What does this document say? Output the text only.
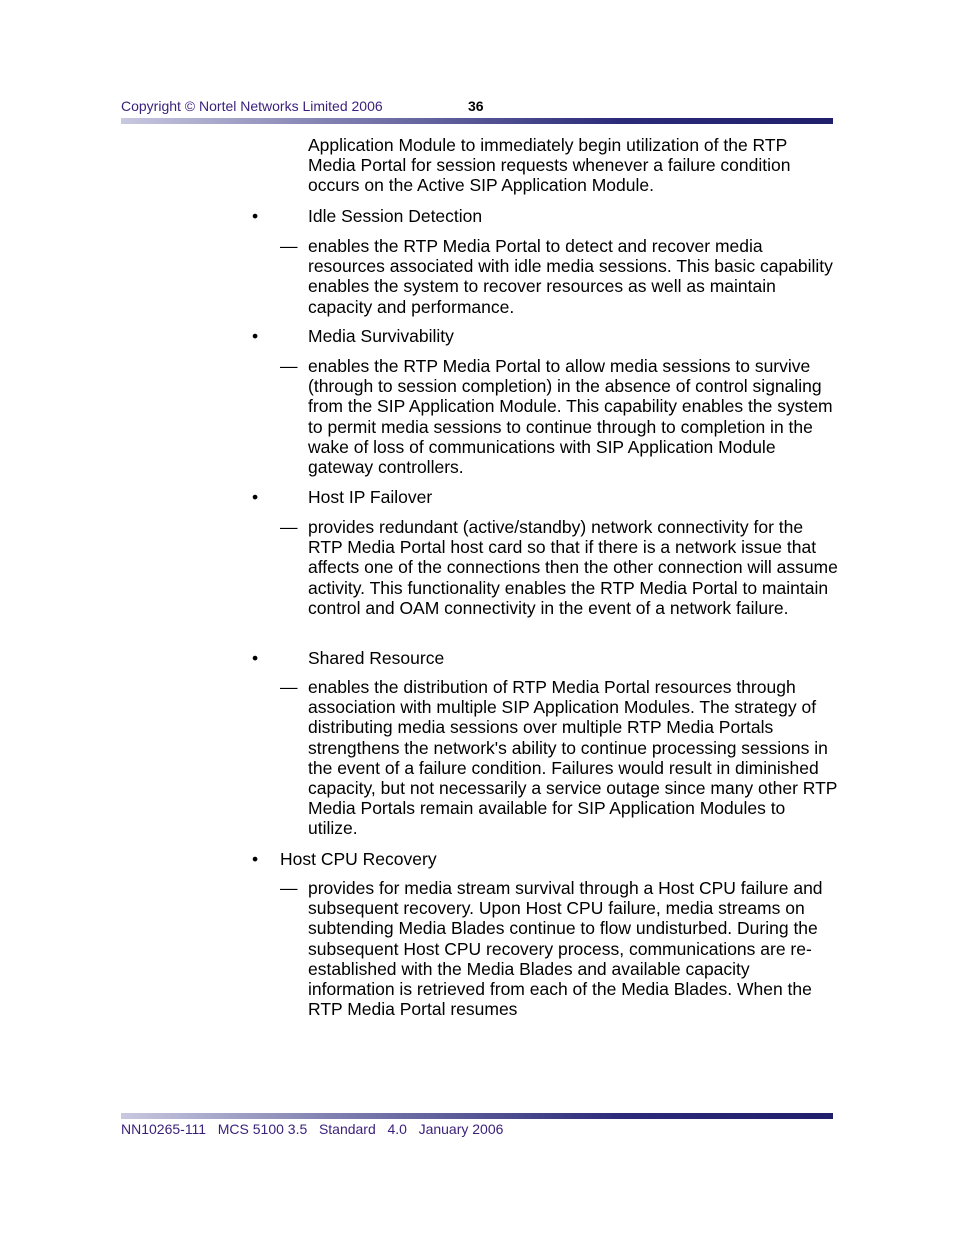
Copyright © Nortel Networks Limited 2006	36
Application Module to immediately begin utilization of the RTP Media Portal for session requests whenever a failure condition occurs on the Active SIP Application Module.
•	Idle Session Detection
— enables the RTP Media Portal to detect and recover media resources associated with idle media sessions. This basic capability enables the system to recover resources as well as maintain capacity and performance.
•	Media Survivability
— enables the RTP Media Portal to allow media sessions to survive (through to session completion) in the absence of control signaling from the SIP Application Module. This capability enables the system to permit media sessions to continue through to completion in the wake of loss of communications with SIP Application Module gateway controllers.
•	Host IP Failover
— provides redundant (active/standby) network connectivity for the RTP Media Portal host card so that if there is a network issue that affects one of the connections then the other connection will assume activity. This functionality enables the RTP Media Portal to maintain control and OAM connectivity in the event of a network failure.
•	Shared Resource
— enables the distribution of RTP Media Portal resources through association with multiple SIP Application Modules. The strategy of distributing media sessions over multiple RTP Media Portals strengthens the network's ability to continue processing sessions in the event of a failure condition. Failures would result in diminished capacity, but not necessarily a service outage since many other RTP Media Portals remain available for SIP Application Modules to utilize.
• Host CPU Recovery
— provides for media stream survival through a Host CPU failure and subsequent recovery. Upon Host CPU failure, media streams on subtending Media Blades continue to flow undisturbed. During the subsequent Host CPU recovery process, communications are re-established with the Media Blades and available capacity information is retrieved from each of the Media Blades. When the RTP Media Portal resumes
NN10265-111 MCS 5100 3.5 Standard 4.0 January 2006
